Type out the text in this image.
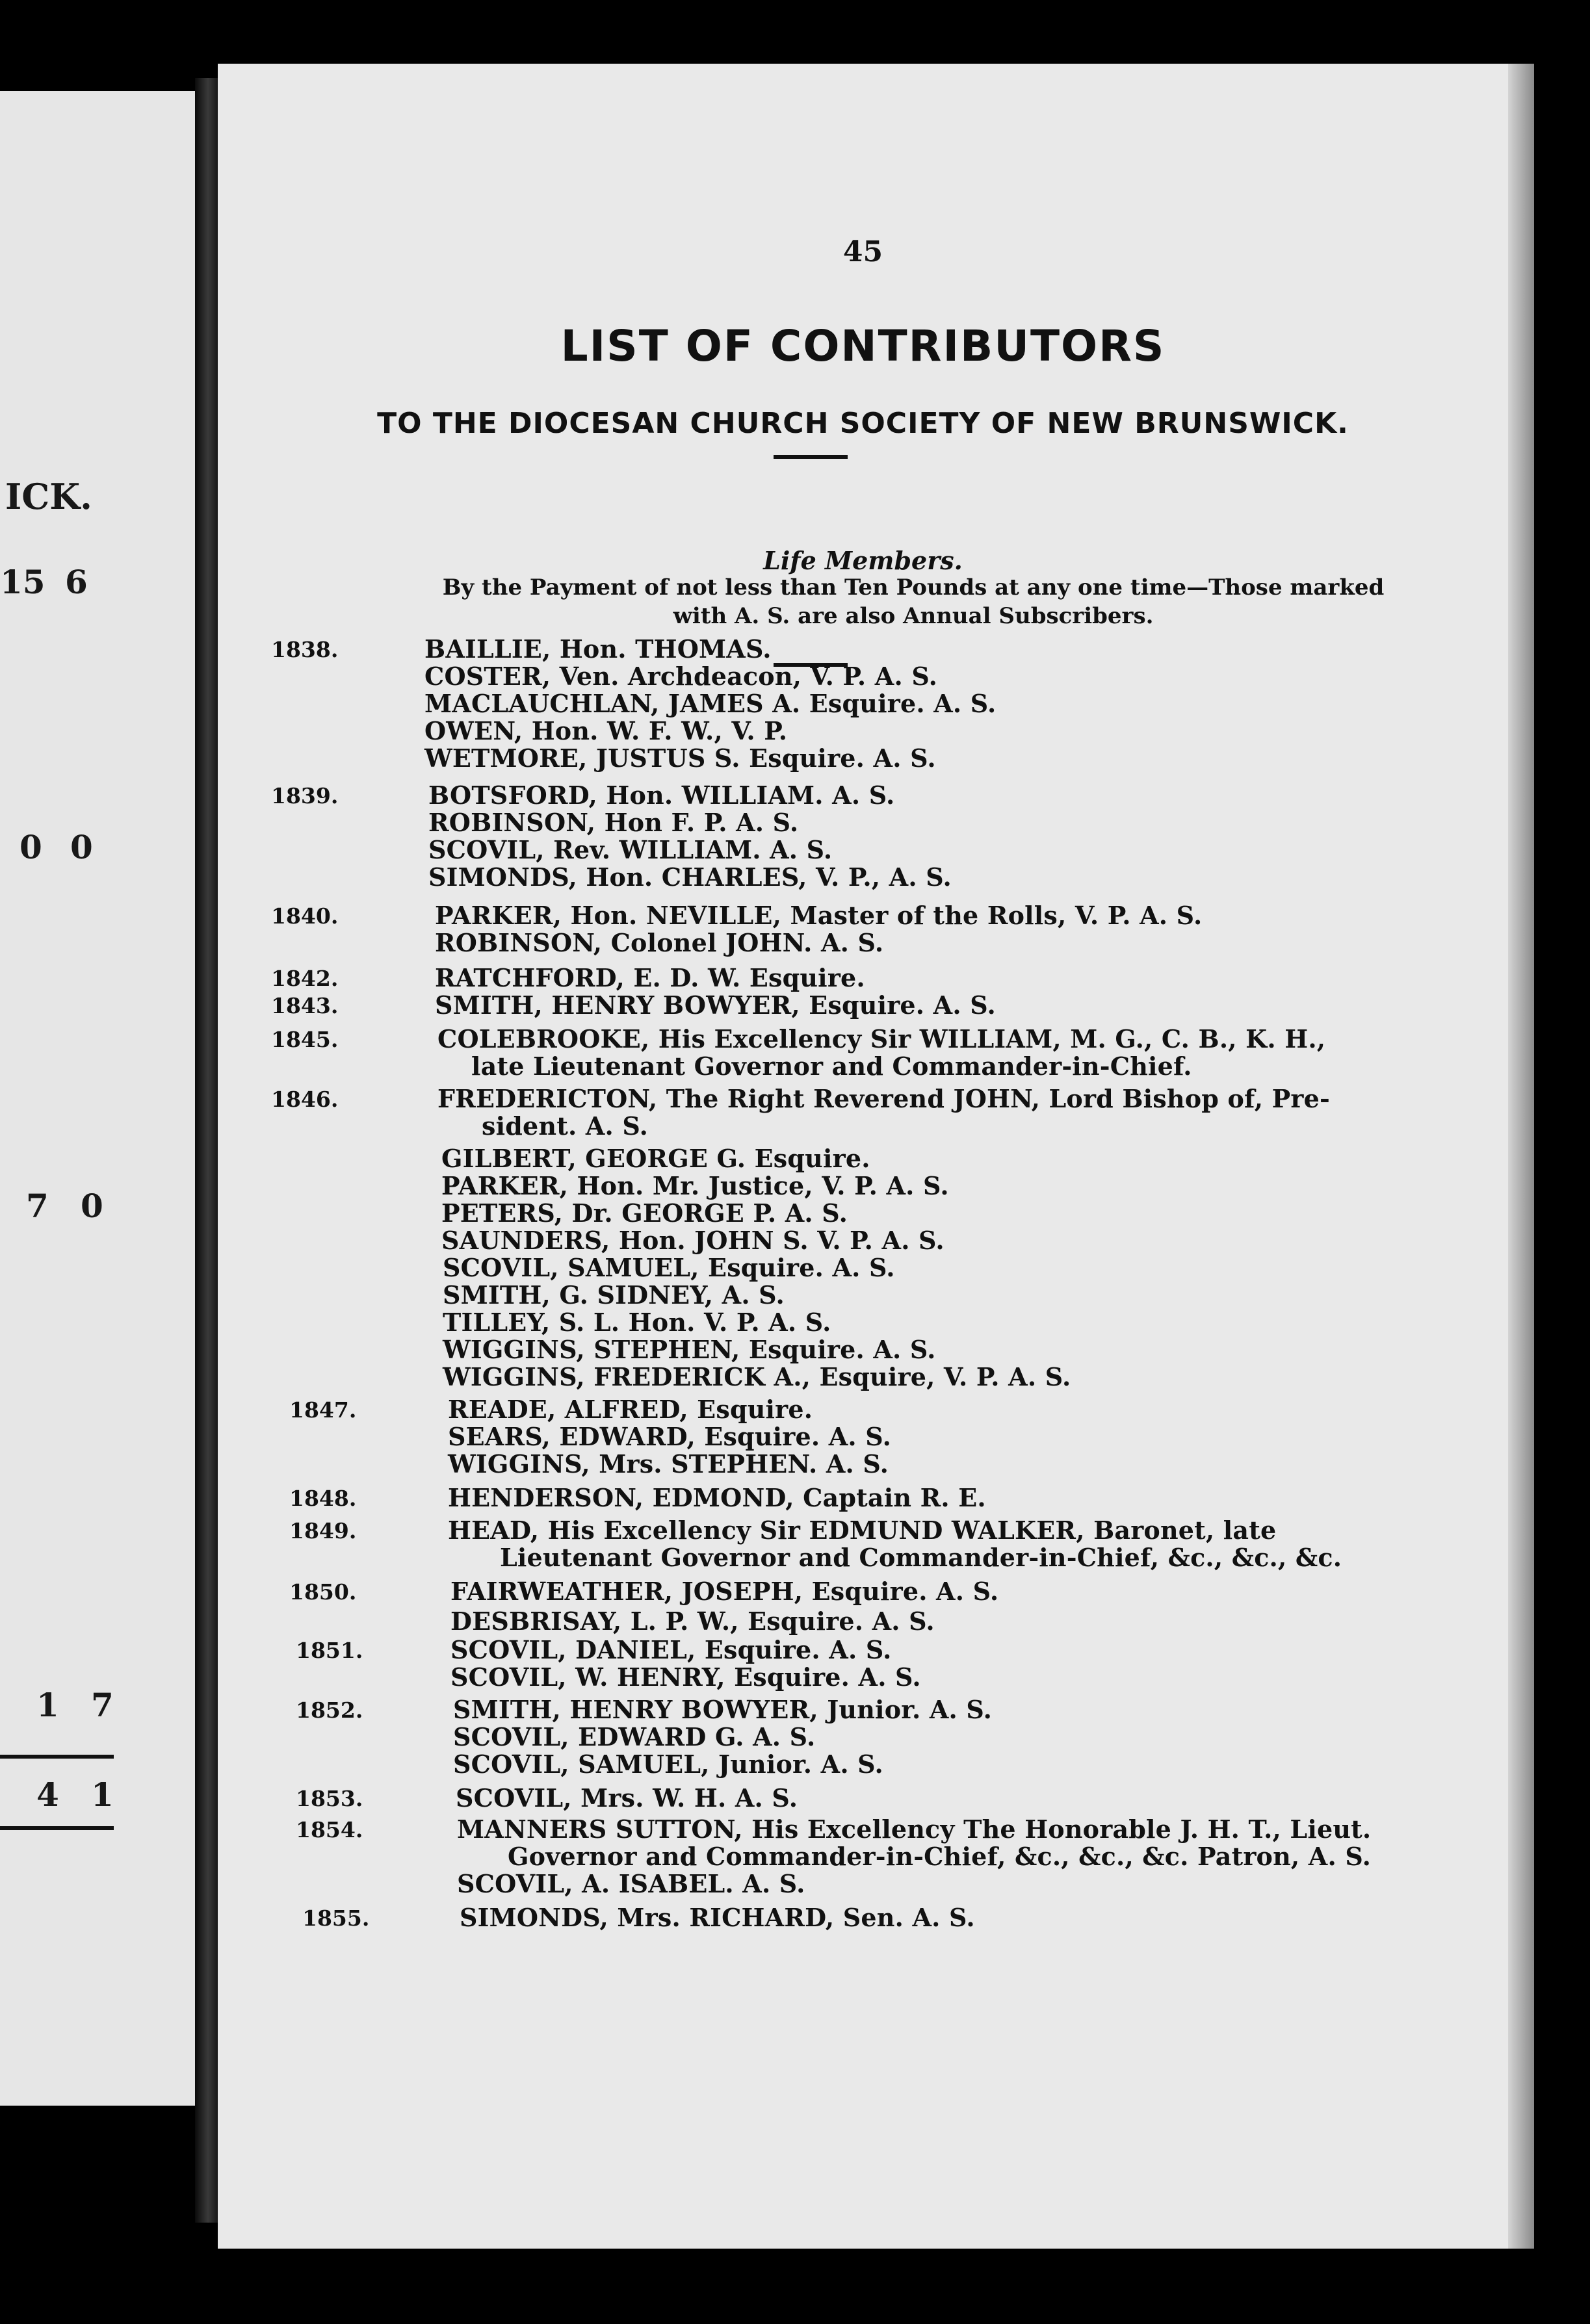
ICK.
15 6
0 0
7 0
1 7
4 1
45
LIST OF CONTRIBUTORS
TO THE DIOCESAN CHURCH SOCIETY OF NEW BRUNSWICK.
Life Members.
By the Payment of not less than Ten Pounds at any one time—Those marked
with A. S. are also Annual Subscribers.
1838.	BAILLIE, Hon. THOMAS.
COSTER, Ven. Archdeacon, V. P. A. S.
MACLAUCHLAN, JAMES A. Esquire. A. S.
OWEN, Hon. W. F. W., V. P.
WETMORE, JUSTUS S. Esquire. A. S.
1839.	BOTSFORD, Hon. WILLIAM. A. S.
ROBINSON, Hon F. P. A. S.
SCOVIL, Rev. WILLIAM. A. S.
SIMONDS, Hon. CHARLES, V. P., A. S.
1840.	PARKER, Hon. NEVILLE, Master of the Rolls, V. P. A. S.
ROBINSON, Colonel JOHN. A. S.
1842.	RATCHFORD, E. D. W. Esquire.
1843.	SMITH, HENRY BOWYER, Esquire. A. S.
1845.	COLEBROOKE, His Excellency Sir WILLIAM, M. G., C. B., K. H.,
late Lieutenant Governor and Commander-in-Chief.
1846.	FREDERICTON, The Right Reverend JOHN, Lord Bishop of, Pre-
sident. A. S.
GILBERT, GEORGE G. Esquire.
PARKER, Hon. Mr. Justice, V. P. A. S.
PETERS, Dr. GEORGE P. A. S.
SAUNDERS, Hon. JOHN S. V. P. A. S.
SCOVIL, SAMUEL, Esquire. A. S.
SMITH, G. SIDNEY, A. S.
TILLEY, S. L. Hon. V. P. A. S.
WIGGINS, STEPHEN, Esquire. A. S.
WIGGINS, FREDERICK A., Esquire, V. P. A. S.
1847.	READE, ALFRED, Esquire.
SEARS, EDWARD, Esquire. A. S.
WIGGINS, Mrs. STEPHEN. A. S.
1848.	HENDERSON, EDMOND, Captain R. E.
1849.	HEAD, His Excellency Sir EDMUND WALKER, Baronet, late
Lieutenant Governor and Commander-in-Chief, &c., &c., &c.
1850.	FAIRWEATHER, JOSEPH, Esquire. A. S.
DESBRISAY, L. P. W., Esquire. A. S.
1851.	SCOVIL, DANIEL, Esquire. A. S.
SCOVIL, W. HENRY, Esquire. A. S.
1852.	SMITH, HENRY BOWYER, Junior. A. S.
SCOVIL, EDWARD G. A. S.
SCOVIL, SAMUEL, Junior. A. S.
1853.	SCOVIL, Mrs. W. H. A. S.
1854.	MANNERS SUTTON, His Excellency The Honorable J. H. T., Lieut.
Governor and Commander-in-Chief, &c., &c., &c. Patron, A. S.
SCOVIL, A. ISABEL. A. S.
1855.	SIMONDS, Mrs. RICHARD, Sen. A. S.
